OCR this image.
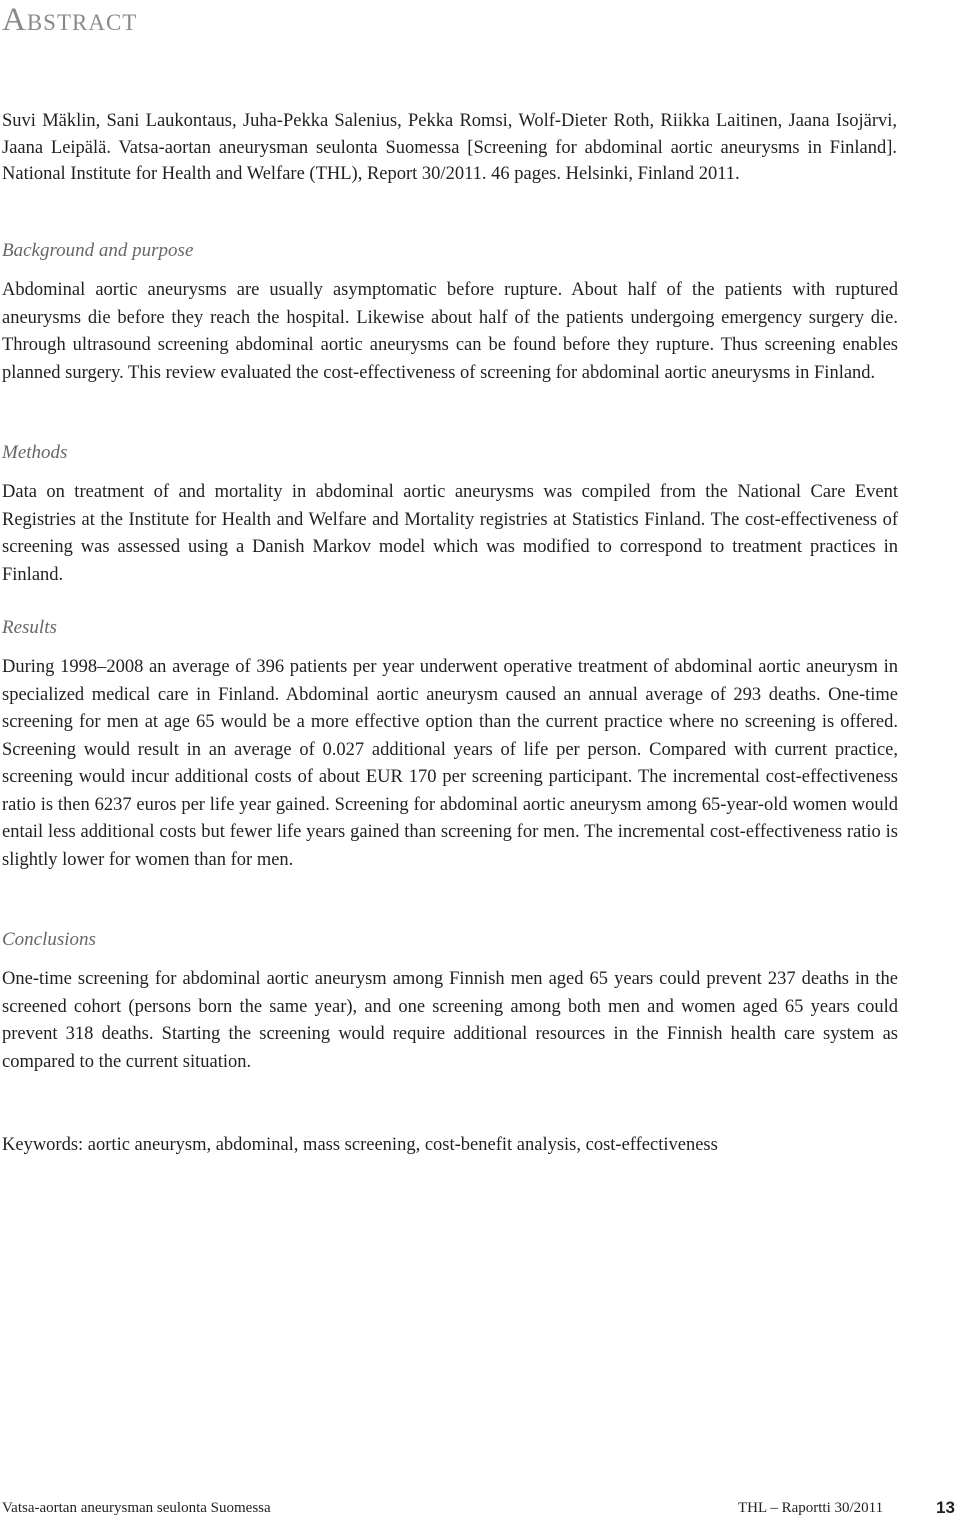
Abstract
Suvi Mäklin, Sani Laukontaus, Juha-Pekka Salenius, Pekka Romsi, Wolf-Dieter Roth, Riikka Laitinen, Jaana Isojärvi, Jaana Leipälä. Vatsa-aortan aneurysman seulonta Suomessa [Screening for abdominal aortic aneurysms in Finland]. National Institute for Health and Welfare (THL), Report 30/2011. 46 pages. Helsinki, Finland 2011.
Background and purpose
Abdominal aortic aneurysms are usually asymptomatic before rupture. About half of the patients with ruptured aneurysms die before they reach the hospital. Likewise about half of the patients undergoing emergency surgery die. Through ultrasound screening abdominal aortic aneurysms can be found before they rupture. Thus screening enables planned surgery. This review evaluated the cost-effectiveness of screening for abdominal aortic aneurysms in Finland.
Methods
Data on treatment of and mortality in abdominal aortic aneurysms was compiled from the National Care Event Registries at the Institute for Health and Welfare and Mortality registries at Statistics Finland. The cost-effectiveness of screening was assessed using a Danish Markov model which was modified to correspond to treatment practices in Finland.
Results
During 1998–2008 an average of 396 patients per year underwent operative treatment of abdominal aortic aneurysm in specialized medical care in Finland. Abdominal aortic aneurysm caused an annual average of 293 deaths. One-time screening for men at age 65 would be a more effective option than the current practice where no screening is offered. Screening would result in an average of 0.027 additional years of life per person. Compared with current practice, screening would incur additional costs of about EUR 170 per screening participant. The incremental cost-effectiveness ratio is then 6237 euros per life year gained. Screening for abdominal aortic aneurysm among 65-year-old women would entail less additional costs but fewer life years gained than screening for men. The incremental cost-effectiveness ratio is slightly lower for women than for men.
Conclusions
One-time screening for abdominal aortic aneurysm among Finnish men aged 65 years could prevent 237 deaths in the screened cohort (persons born the same year), and one screening among both men and women aged 65 years could prevent 318 deaths. Starting the screening would require additional resources in the Finnish health care system as compared to the current situation.
Keywords: aortic aneurysm, abdominal, mass screening, cost-benefit analysis, cost-effectiveness
Vatsa-aortan aneurysman seulonta Suomessa	THL – Raportti 30/2011	13
